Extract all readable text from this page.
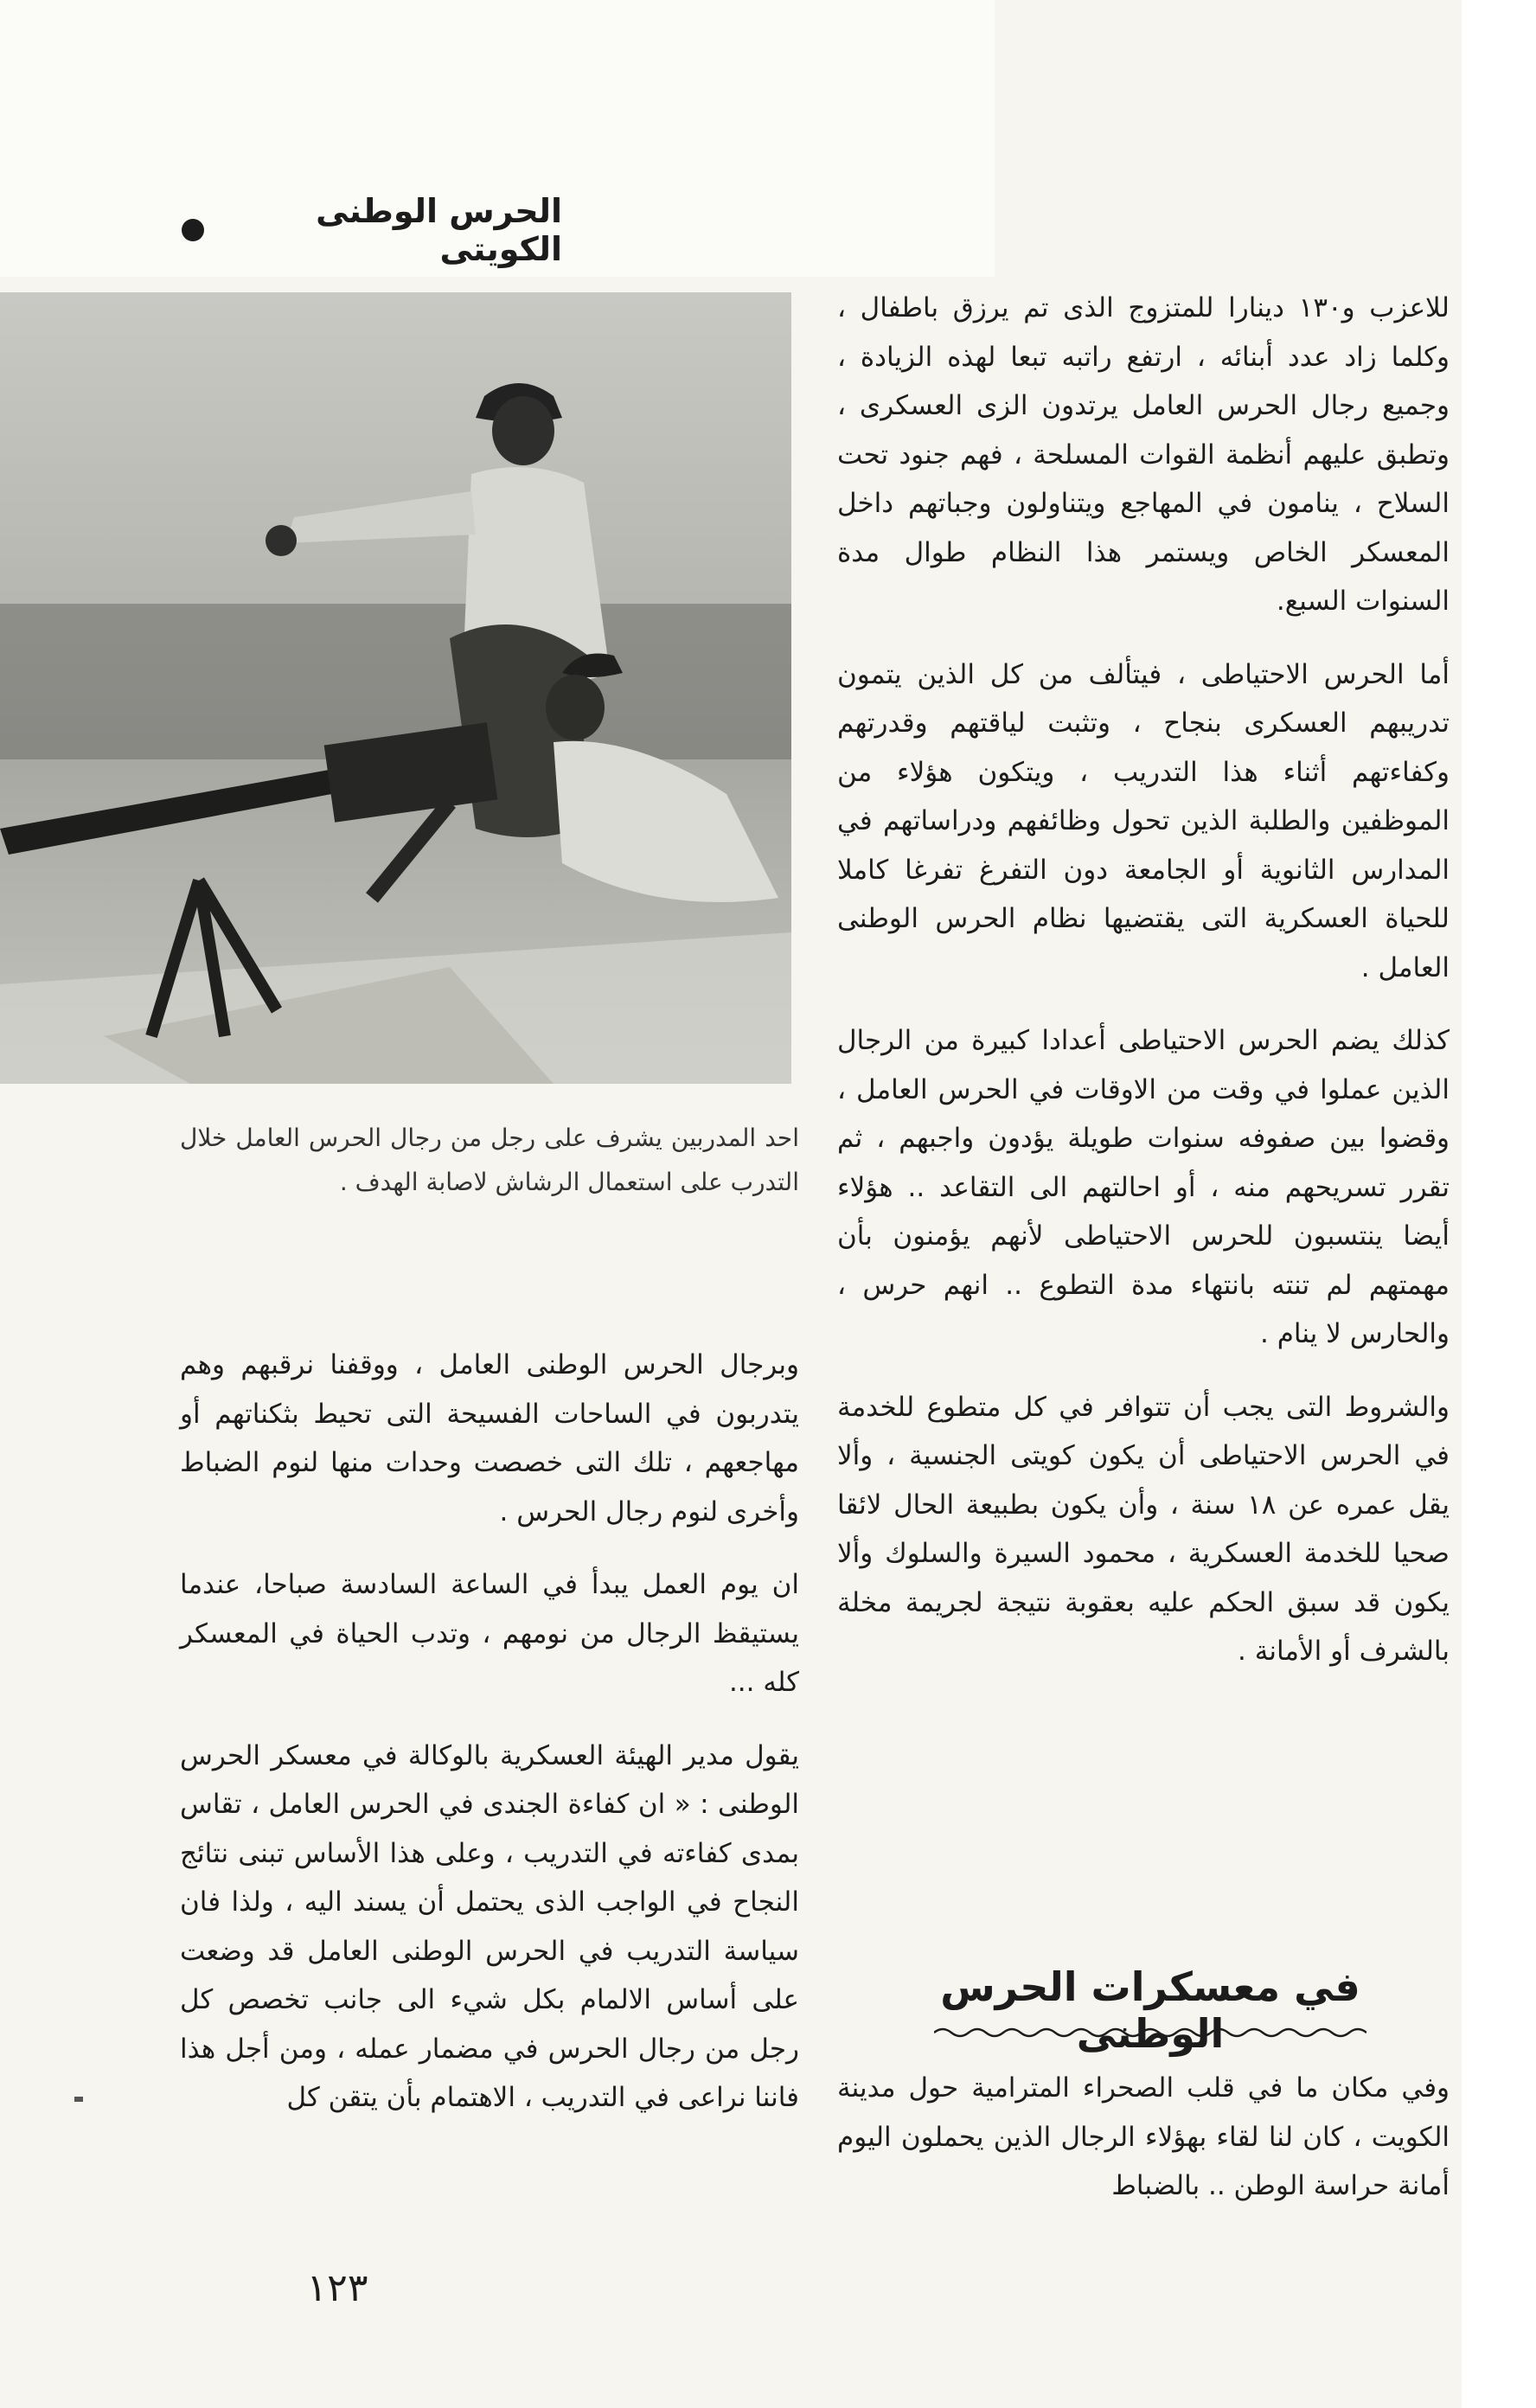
الحرس الوطنى الكويتى

للاعزب و١٣٠ دينارا للمتزوج الذى تم يرزق باطفال ، وكلما زاد عدد أبنائه ، ارتفع راتبه تبعا لهذه الزيادة ، وجميع رجال الحرس العامل يرتدون الزى العسكرى ، وتطبق عليهم أنظمة القوات المسلحة ، فهم جنود تحت السلاح ، ينامون في المهاجع ويتناولون وجباتهم داخل المعسكر الخاص ويستمر هذا النظام طوال مدة السنوات السبع.

أما الحرس الاحتياطى ، فيتألف من كل الذين يتمون تدريبهم العسكرى بنجاح ، وتثبت لياقتهم وقدرتهم وكفاءتهم أثناء هذا التدريب ، ويتكون هؤلاء من الموظفين والطلبة الذين تحول وظائفهم ودراساتهم في المدارس الثانوية أو الجامعة دون التفرغ تفرغا كاملا للحياة العسكرية التى يقتضيها نظام الحرس الوطنى العامل .

كذلك يضم الحرس الاحتياطى أعدادا كبيرة من الرجال الذين عملوا في وقت من الاوقات في الحرس العامل ، وقضوا بين صفوفه سنوات طويلة يؤدون واجبهم ، ثم تقرر تسريحهم منه ، أو احالتهم الى التقاعد .. هؤلاء أيضا ينتسبون للحرس الاحتياطى لأنهم يؤمنون بأن مهمتهم لم تنته بانتهاء مدة التطوع .. انهم حرس ، والحارس لا ينام .

والشروط التى يجب أن تتوافر في كل متطوع للخدمة في الحرس الاحتياطى أن يكون كويتى الجنسية ، وألا يقل عمره عن ١٨ سنة ، وأن يكون بطبيعة الحال لائقا صحيا للخدمة العسكرية ، محمود السيرة والسلوك وألا يكون قد سبق الحكم عليه بعقوبة نتيجة لجريمة مخلة بالشرف أو الأمانة .

في معسكرات الحرس الوطنى

وفي مكان ما في قلب الصحراء المترامية حول مدينة الكويت ، كان لنا لقاء بهؤلاء الرجال الذين يحملون اليوم أمانة حراسة الوطن .. بالضباط

احد المدربين يشرف على رجل من رجال الحرس العامل خلال التدرب على استعمال الرشاش لاصابة الهدف .

وبرجال الحرس الوطنى العامل ، ووقفنا نرقبهم وهم يتدربون في الساحات الفسيحة التى تحيط بثكناتهم أو مهاجعهم ، تلك التى خصصت وحدات منها لنوم الضباط وأخرى لنوم رجال الحرس .

ان يوم العمل يبدأ في الساعة السادسة صباحا، عندما يستيقظ الرجال من نومهم ، وتدب الحياة في المعسكر كله ...

يقول مدير الهيئة العسكرية بالوكالة في معسكر الحرس الوطنى : « ان كفاءة الجندى في الحرس العامل ، تقاس بمدى كفاءته في التدريب ، وعلى هذا الأساس تبنى نتائج النجاح في الواجب الذى يحتمل أن يسند اليه ، ولذا فان سياسة التدريب في الحرس الوطنى العامل قد وضعت على أساس الالمام بكل شيء الى جانب تخصص كل رجل من رجال الحرس في مضمار عمله ، ومن أجل هذا فاننا نراعى في التدريب ، الاهتمام بأن يتقن كل

١٢٣
